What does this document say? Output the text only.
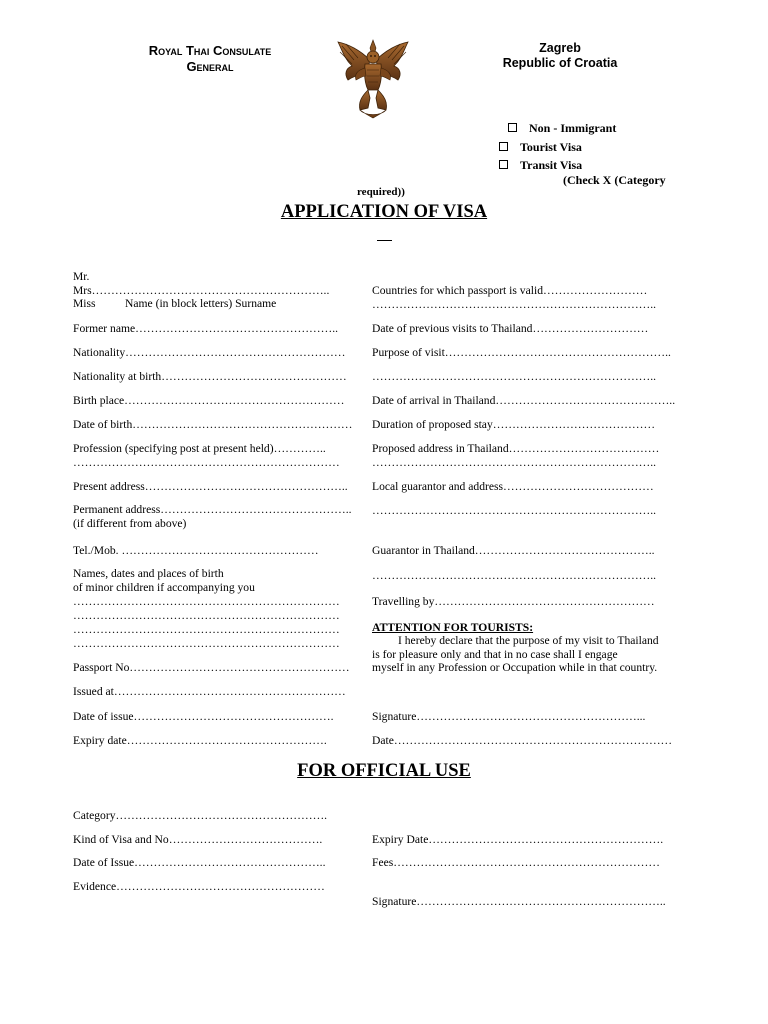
Royal Thai Consulate
General
Zagreb
Republic of Croatia
Non - Immigrant
Tourist Visa
Transit Visa
(Check X (Category
required))
APPLICATION OF VISA
Mr.
Mrs……………………………………………………..
Miss	Name (in block letters) Surname
Former name……………………………………………..
Nationality…………………………………………………
Nationality at birth…………………………………………
Birth place…………………………………………………
Date of birth…………………………………………………
Profession (specifying post at present held)…………..
……………………………………………………………
Present address……………………………………………..
Permanent address…………………………………………..
(if different from above)
Tel./Mob. ……………………………………………
Names, dates and places of birth
of minor children if accompanying you
……………………………………………………………
……………………………………………………………
……………………………………………………………
……………………………………………………………
Passport No…………………………………………………
Issued at……………………………………………………
Date of issue…………………………………………….
Expiry date…………………………………………….
Countries for which passport is valid………………………
………………………………………………………………..
Date of previous visits to Thailand…………………………
Purpose of visit…………………………………………………..
………………………………………………………………..
Date of arrival in Thailand………………………………………..
Duration of proposed stay……………………………………
Proposed address in Thailand…………………………………
………………………………………………………………..
Local guarantor and address…………………………………
………………………………………………………………..
Guarantor in Thailand………………………………………..
………………………………………………………………..
Travelling by…………………………………………………
ATTENTION FOR TOURISTS:
I hereby declare that the purpose of my visit to Thailand
is for pleasure only and that in no case shall I engage
myself in any Profession or Occupation while in that country.
Signature…………………………………………………...
Date………………………………………………………………
FOR OFFICIAL USE
Category……………………………………………….
Kind of Visa and No………………………………….
Date of Issue…………………………………………..
Evidence………………………………………………
Expiry Date…………………………………………………….
Fees……………………………………………………………
Signature………………………………………………………..
